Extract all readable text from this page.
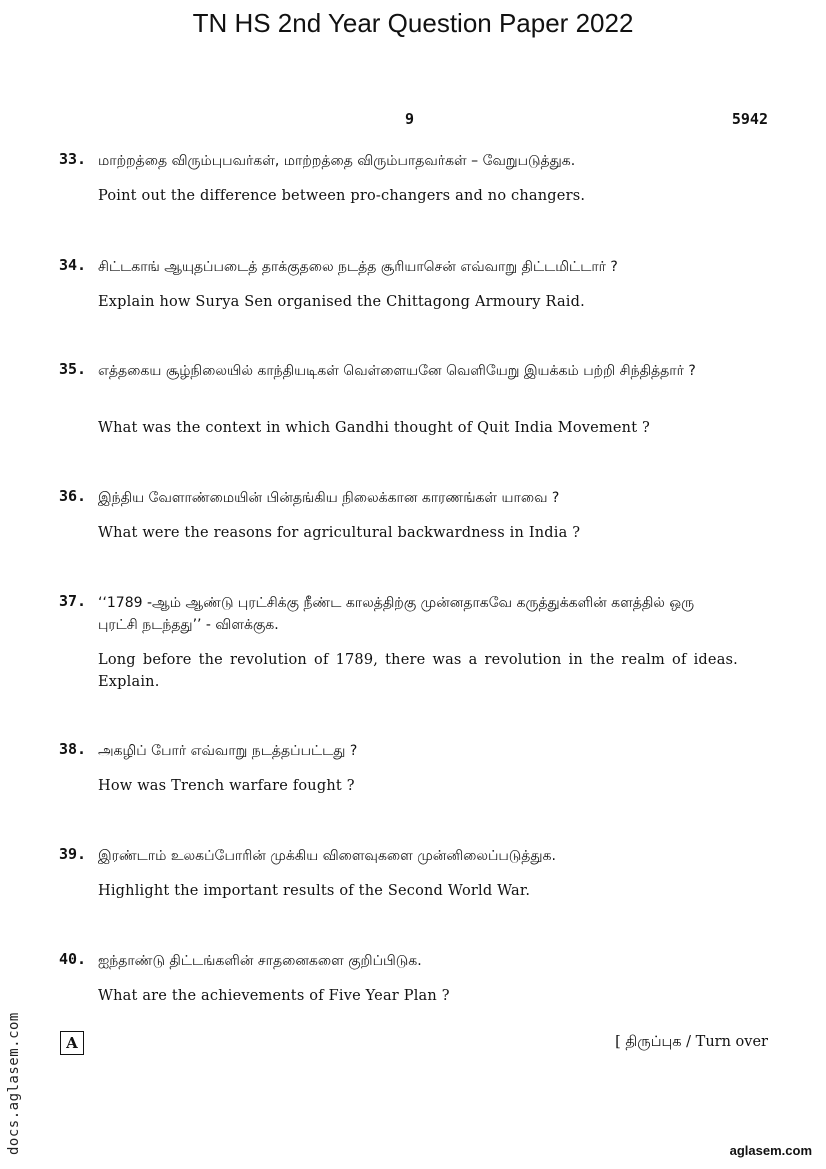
TN HS 2nd Year Question Paper 2022
9	5942
33. மாற்றத்தை விரும்புபவர்கள், மாற்றத்தை விரும்பாதவர்கள் – வேறுபடுத்துக.
Point out the difference between pro-changers and no changers.
34. சிட்டகாங் ஆயுதப்படைத் தாக்குதலை நடத்த சூரியாசென் எவ்வாறு திட்டமிட்டார் ?
Explain how Surya Sen organised the Chittagong Armoury Raid.
35. எத்தகைய சூழ்நிலையில் காந்தியடிகள் வெள்ளையனே வெளியேறு இயக்கம் பற்றி சிந்தித்தார் ?
What was the context in which Gandhi thought of Quit India Movement ?
36. இந்திய வேளாண்மையின் பின்தங்கிய நிலைக்கான காரணங்கள் யாவை ?
What were the reasons for agricultural backwardness in India ?
37. ‘‘1789 -ஆம் ஆண்டு புரட்சிக்கு நீண்ட காலத்திற்கு முன்னதாகவே கருத்துக்களின் களத்தில் ஒரு புரட்சி நடந்தது’’ - விளக்குக.
Long before the revolution of 1789, there was a revolution in the realm of ideas. Explain.
38. அகழிப் போர் எவ்வாறு நடத்தப்பட்டது ?
How was Trench warfare fought ?
39. இரண்டாம் உலகப்போரின் முக்கிய விளைவுகளை முன்னிலைப்படுத்துக.
Highlight the important results of the Second World War.
40. ஐந்தாண்டு திட்டங்களின் சாதனைகளை குறிப்பிடுக.
What are the achievements of Five Year Plan ?
A	[ திருப்புக / Turn over
docs.aglasem.com	aglasem.com
